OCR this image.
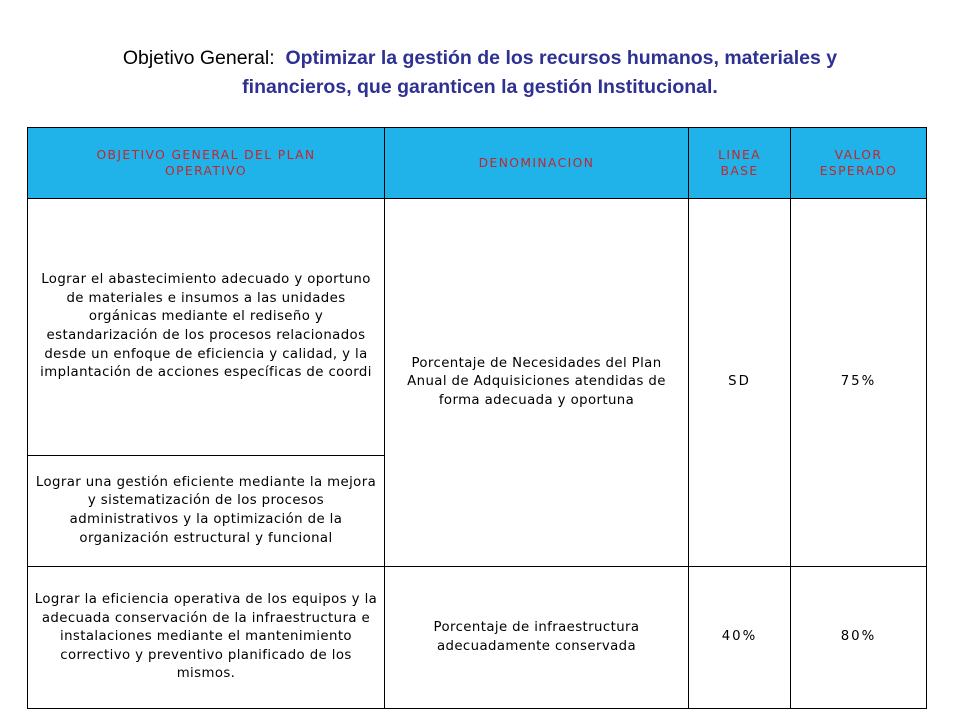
Objetivo General: Optimizar la gestión de los recursos humanos, materiales y
financieros, que garanticen la gestión Institucional.
OBJETIVO GENERAL DEL PLAN OPERATIVO
DENOMINACION
LINEA BASE
VALOR ESPERADO
Lograr el abastecimiento adecuado y oportuno de materiales e insumos a las unidades orgánicas mediante el rediseño y estandarización de los procesos relacionados desde un enfoque de eficiencia y calidad, y la implantación de acciones específicas de coordi
Lograr una gestión eficiente mediante la mejora y sistematización de los procesos administrativos y la optimización de la organización estructural y funcional
Porcentaje de Necesidades del Plan Anual de Adquisiciones atendidas de forma adecuada y oportuna
SD	75%
Lograr la eficiencia operativa de los equipos y la adecuada conservación de la infraestructura e instalaciones mediante el mantenimiento correctivo y preventivo planificado de los mismos.
Porcentaje de infraestructura adecuadamente conservada
40%	80%
